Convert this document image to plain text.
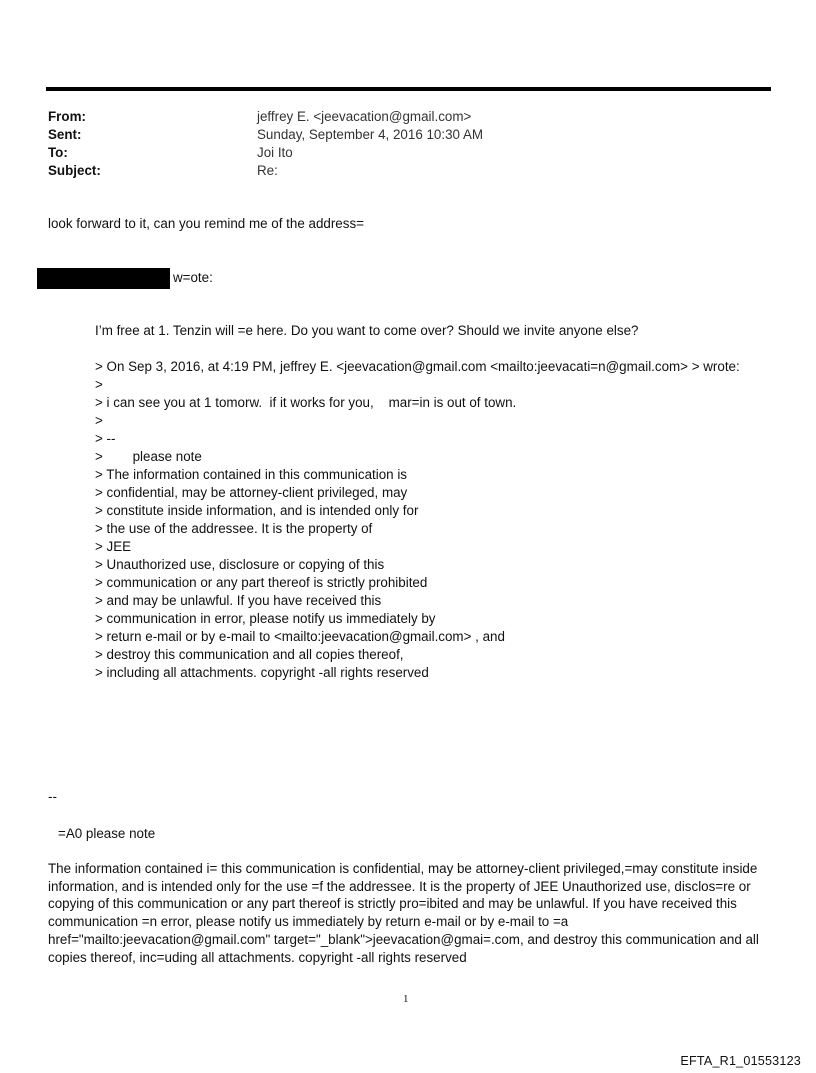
From:	jeffrey E. <jeevacation@gmail.com>
Sent:	Sunday, September 4, 2016 10:30 AM
To:	Joi Ito
Subject:	Re:
look forward to it, can you remind me of the address=
w=ote:
I’m free at 1. Tenzin will =e here. Do you want to come over? Should we invite anyone else?
> On Sep 3, 2016, at 4:19 PM, jeffrey E. <jeevacation@gmail.com <mailto:jeevacati=n@gmail.com> > wrote:
>
> i can see you at 1 tomorw.  if it works for you,    mar=in is out of town.
>
> --
>        please note
> The information contained in this communication is
> confidential, may be attorney-client privileged, may
> constitute inside information, and is intended only for
> the use of the addressee. It is the property of
> JEE
> Unauthorized use, disclosure or copying of this
> communication or any part thereof is strictly prohibited
> and may be unlawful. If you have received this
> communication in error, please notify us immediately by
> return e-mail or by e-mail to <mailto:jeevacation@gmail.com> , and
> destroy this communication and all copies thereof,
> including all attachments. copyright -all rights reserved
--
=A0 please note
The information contained i= this communication is confidential, may be attorney-client privileged,=may constitute inside information, and is intended only for the use =f the addressee. It is the property of JEE Unauthorized use, disclos=re or copying of this communication or any part thereof is strictly pro=ibited and may be unlawful. If you have received this communication =n error, please notify us immediately by return e-mail or by e-mail to =a href="mailto:jeevacation@gmail.com" target="_blank">jeevacation@gmai=.com, and destroy this communication and all copies thereof, inc=uding all attachments. copyright -all rights reserved
1
EFTA_R1_01553123
